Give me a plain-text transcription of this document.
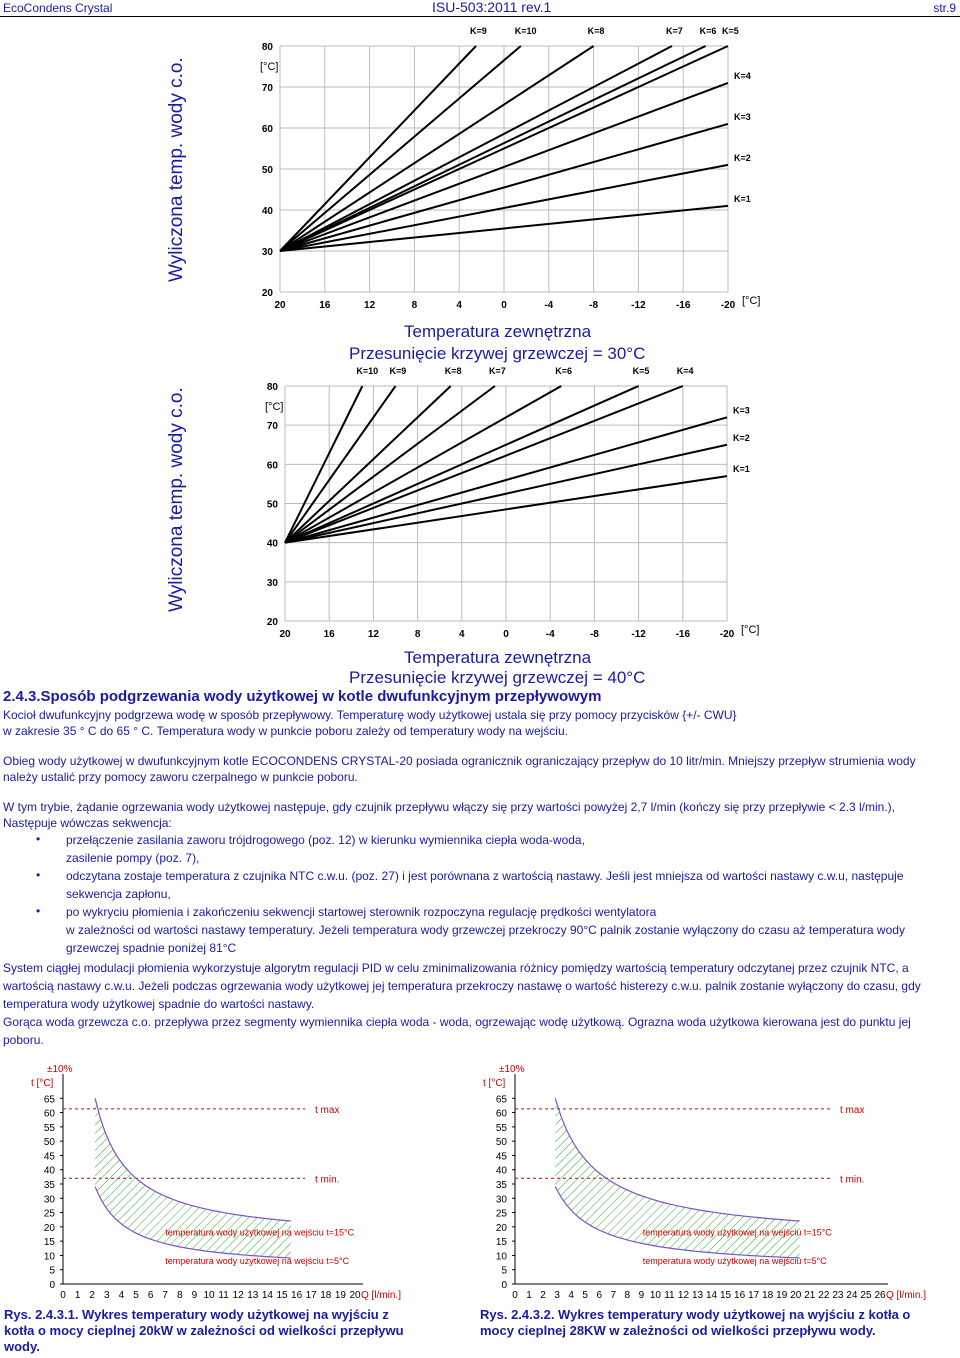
EcoCondens Crystal	ISU-503:2011 rev.1	str.9
Wyliczona temp. wody c.o.
20
30
40
50
60
70
80
20	16	12	8	4	0	-4	-8	-12	-16	-20
[°C]
[°C]
K=10
K=9	K=8	K=7 K=6 K=5
K=4
K=3
K=2
K=1
Temperatura zewnętrzna
Przesunięcie krzywej grzewczej = 30°C
Wyliczona temp. wody c.o.
20
30
40
50
60
70
80
20	16	12	8	4	0	-4	-8	-12	-16	-20
[°C]
[°C]
K=10 K=9	K=8	K=7	K=6	K=5	K=4
K=3
K=2
K=1
Temperatura zewnętrzna
Przesunięcie krzywej grzewczej = 40°C
2.4.3.Sposób podgrzewania wody użytkowej w kotle dwufunkcyjnym przepływowym
Kocioł dwufunkcyjny podgrzewa wodę w sposób przepływowy. Temperaturę wody użytkowej ustala się przy pomocy przycisków {+/- CWU}
w zakresie 35 ° C do 65 ° C. Temperatura wody w punkcie poboru zależy od temperatury wody na wejściu.
Obieg wody użytkowej w dwufunkcyjnym kotle ECOCONDENS CRYSTAL-20 posiada ogranicznik ograniczający przepływ do 10 litr/min. Mniejszy przepływ strumienia wody
należy ustalić przy pomocy zaworu czerpalnego w punkcie poboru.
W tym trybie, żądanie ogrzewania wody użytkowej następuje, gdy czujnik przepływu włączy się przy wartości powyżej 2,7 l/min (kończy się przy przepływie < 2.3 l/min.),
Następuje wówczas sekwencja:
• przełączenie zasilania zaworu trójdrogowego (poz. 12) w kierunku wymiennika ciepła woda-woda,
zasilenie pompy (poz. 7),
• odczytana zostaje temperatura z czujnika NTC c.w.u. (poz. 27) i jest porównana z wartością nastawy. Jeśli jest mniejsza od wartości nastawy c.w.u, następuje
sekwencja zapłonu,
• po wykryciu płomienia i zakończeniu sekwencji startowej sterownik rozpoczyna regulację prędkości wentylatora
w zależności od wartości nastawy temperatury. Jeżeli temperatura wody grzewczej przekroczy 90°C palnik zostanie wyłączony do czasu aż temperatura wody
grzewczej spadnie poniżej 81°C
System ciągłej modulacji płomienia wykorzystuje algorytm regulacji PID w celu zminimalizowania różnicy pomiędzy wartością temperatury odczytanej przez czujnik NTC, a
wartością nastawy c.w.u. Jeżeli podczas ogrzewania wody użytkowej jej temperatura przekroczy nastawę o wartość histerezy c.w.u. palnik zostanie wyłączony do czasu, gdy
temperatura wody użytkowej spadnie do wartości nastawy.
Gorąca woda grzewcza c.o. przepływa przez segmenty wymiennika ciepła woda - woda, ogrzewając wodę użytkową. Ograzna woda użytkowa kierowana jest do punktu jej
poboru.
0
5
10
15
20
25
30
35
40
45
50
55
60
65
0 1 2 3 4 5 6 7 8 9 10 11 12 13 14 15 16 17 18 19 20
±10%
t [°C]
Q [l/min.]
t max
t min.
temperatura wody użytkowej na wejściu t=15°C
temperatura wody użytkowej na wejściu t=5°C
Rys. 2.4.3.1. Wykres temperatury wody użytkowej na wyjściu z
kotła o mocy cieplnej 20kW w zależności od wielkości przepływu
wody.
0
5
10
15
20
25
30
35
40
45
50
55
60
65
0 1 2 3 4 5 6 7 8 9 10 11 12 13 14 15 16 17 18 19 20 21 22 23 24 25 26
±10%
t [°C]
Q [l/min.]
t max
t min.
temperatura wody użytkowej na wejściu t=15°C
temperatura wody użytkowej na wejściu t=5°C
Rys. 2.4.3.2. Wykres temperatury wody użytkowej na wyjściu z kotła o
mocy cieplnej 28KW w zależności od wielkości przepływu wody.
